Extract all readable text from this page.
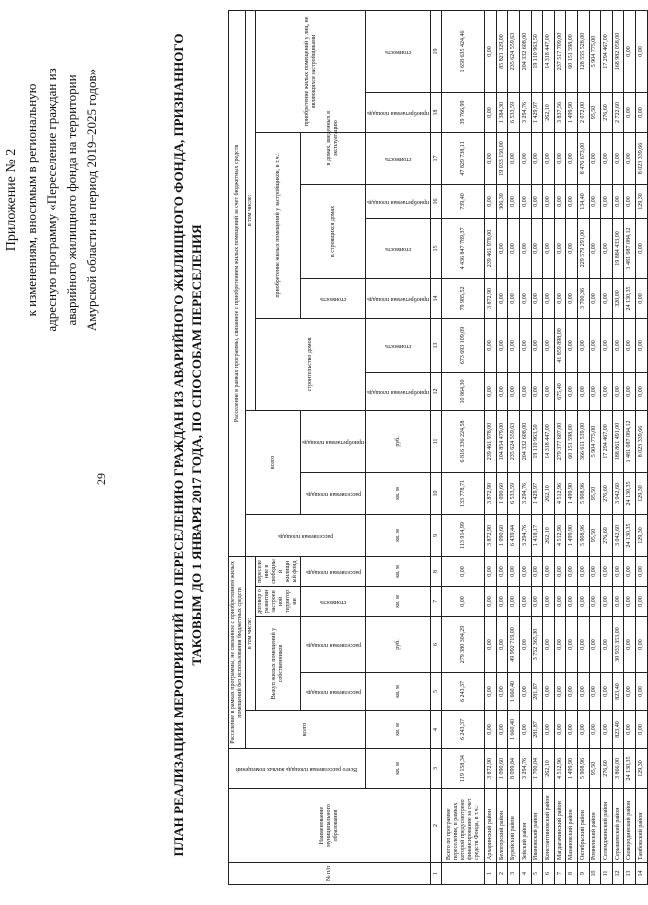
29
Приложение № 2 к изменениям, вносимым в региональную адресную программу «Переселение граждан из аварийного жилищного фонда на территории Амурской области на период 2019–2025 годов»	ПЛАН РЕАЛИЗАЦИИ МЕРОПРИЯТИЙ ПО ПЕРЕСЕЛЕНИЮ ГРАЖДАН ИЗ АВАРИЙНОГО ЖИЛИЩНОГО ФОНДА, ПРИЗНАННОГО ТАКОВЫМ ДО 1 ЯНВАРЯ 2017 ГОДА, ПО СПОСОБАМ ПЕРЕСЕЛЕНИЯ
№ п/п	Наименование муниципального образования	Всего расселяемая площадь жилых помещений	Расселение в рамках программы, не связанное с приобретением жилых помещений без использования бюджетных средств					Расселение в рамках программы, связанное с приобретением жилых помещений за счет бюджетных средств										
			всего	в том числе:				расселяемая площадь	всего		в том числе:							
				Выкуп жилых помещений у собственников		договор о развитии застроенной территории	переселение в свободный жилищный фонд				строительство домов		приобретение жилых помещений у застройщиков, в т.ч.:				приобретение жилых помещений у лиц, не являющихся застройщиками	

				расселяемая площадь	расселяемая площадь	стоимость	расселяемая площадь		расселяемая площадь	приобретаемая площадь			стоимость	в строящихся домах		в домах, введенных в эксплуатацию		
		кв. м	кв. м	кв. м	руб.	кв. м	кв. м	кв. м	кв. м	руб.	приобретаемая площадь	стоимость	приобретаемая площадь	стоимость	приобретаемая площадь	стоимость	приобретаемая площадь	стоимость

1	2	3	4	5	6	7	8	9	10	11	12	13	14	15	16	17	18	19
	Всего по программе переселения, в рамках которой предусмотрено финансирование за счет средств Фонда, в т.ч.:	119 158,34	6 243,37	6 243,37	279 380 304,29	0,00	0,00	113 914,99	133 778,71	6 816 336 224,58	10 864,30	673 693 109,09	79 985,52	4 436 847 789,37	739,40	47 829 738,11	39 766,99	1 658 635 424,46
1	Архаринский район	3 872,90	0,00	0,00	0,00	0,00	0,00	3 872,90	3 872,90	239 461 978,00	0,00	0,00	3 872,90	239 461 978,00	0,00	0,00	0,00	0,00
2	Белогорский район	1 090,60	0,00	0,00	0,00	0,00	0,00	1 090,60	1 090,60	104 854 479,00	0,00	0,00	0,00	0,00	306,30	19 033 150,00	1 384,30	85 821 329,00
3	Бурейский район	8 099,84	1 660,40	1 660,40	49 992 719,00	0,00	0,00	6 439,44	6 533,59	235 624 559,63	0,00	0,00	0,00	0,00	0,00	0,00	6 533,59	235 624 559,63
4	Зейский район	3 294,76	0,00	0,00	0,00	0,00	0,00	3 294,76	3 294,76	204 332 608,00	0,00	0,00	0,00	0,00	0,00	0,00	3 294,76	204 332 608,00
5	Ивановский район	1 700,04	281,87	281,87	3 752 365,30	0,00	0,00	1 418,17	1 429,97	19 110 963,50	0,00	0,00	0,00	0,00	0,00	0,00	1 429,97	19 110 963,50
6	Константиновский район	262,10	0,00	0,00	0,00	0,00	0,00	262,10	262,10	14 318 447,00	0,00	0,00	0,00	0,00	0,00	0,00	262,10	14 318 447,00
7	Магдагачинский район	4 512,96	0,00	0,00	0,00	0,00	0,00	4 512,96	4 512,96	279 377 607,00	675,40	41 859 898,00	0,00	0,00	0,00	0,00	3 837,56	237 517 709,00
8	Мазановский район	1 499,90	0,00	0,00	0,00	0,00	0,00	1 499,90	1 499,90	60 151 598,00	0,00	0,00	0,00	0,00	0,00	0,00	1 499,90	60 151 598,00
9	Октябрьский район	5 908,96	0,00	0,00	0,00	0,00	0,00	5 908,96	5 908,96	366 611 539,00	0,00	0,00	3 700,36	229 579 291,00	134,40	8 476 673,00	2 072,00	128 555 528,00
10	Ромненский район	95,50	0,00	0,00	0,00	0,00	0,00	95,50	95,50	5 904 775,00	0,00	0,00	0,00	0,00	0,00	0,00	95,50	5 904 775,00
11	Селемджинский район	276,60	0,00	0,00	0,00	0,00	0,00	276,60	276,60	17 294 467,00	0,00	0,00	0,00	0,00	0,00	0,00	276,60	17 294 467,00
12	Серышевский район	3 866,00	823,40	823,40	30 933 353,00	0,00	0,00	3 042,60	3 042,60	188 861 491,00	0,00	0,00	320,00	19 884 433,00	0,00	0,00	2 722,60	168 982 058,00
13	Сковородинский район	24 130,35	0,00	0,00	0,00	0,00	0,00	24 130,35	24 130,35	1 481 087 084,12	0,00	0,00	24 130,35	1 481 087 084,12	0,00	0,00	0,00	0,00
14	Тамбовский район	129,30	0,00	0,00	0,00	0,00	0,00	129,30	129,30	8 023 339,66	0,00	0,00	0,00	0,00	129,30	8 023 339,66	0,00	0,00
